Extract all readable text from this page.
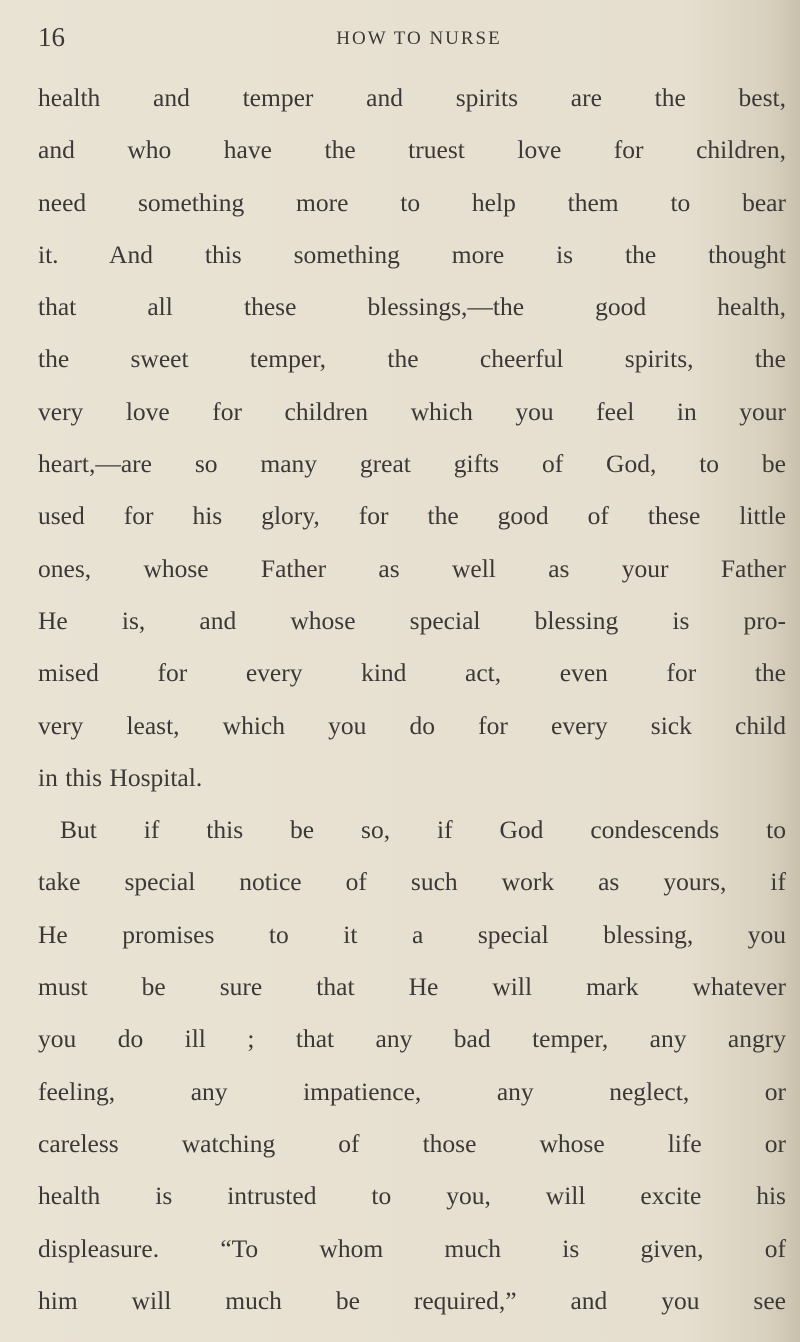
16	HOW TO NURSE
health and temper and spirits are the best,
and who have the truest love for children,
need something more to help them to bear
it. And this something more is the thought
that all these blessings,—the good health,
the sweet temper, the cheerful spirits, the
very love for children which you feel in your
heart,—are so many great gifts of God, to be
used for his glory, for the good of these little
ones, whose Father as well as your Father
He is, and whose special blessing is pro-
mised for every kind act, even for the
very least, which you do for every sick child
in this Hospital.
But if this be so, if God condescends to
take special notice of such work as yours, if
He promises to it a special blessing, you
must be sure that He will mark whatever
you do ill ; that any bad temper, any angry
feeling, any impatience, any neglect, or
careless watching of those whose life or
health is intrusted to you, will excite his
displeasure. “To whom much is given, of
him will much be required,” and you see
